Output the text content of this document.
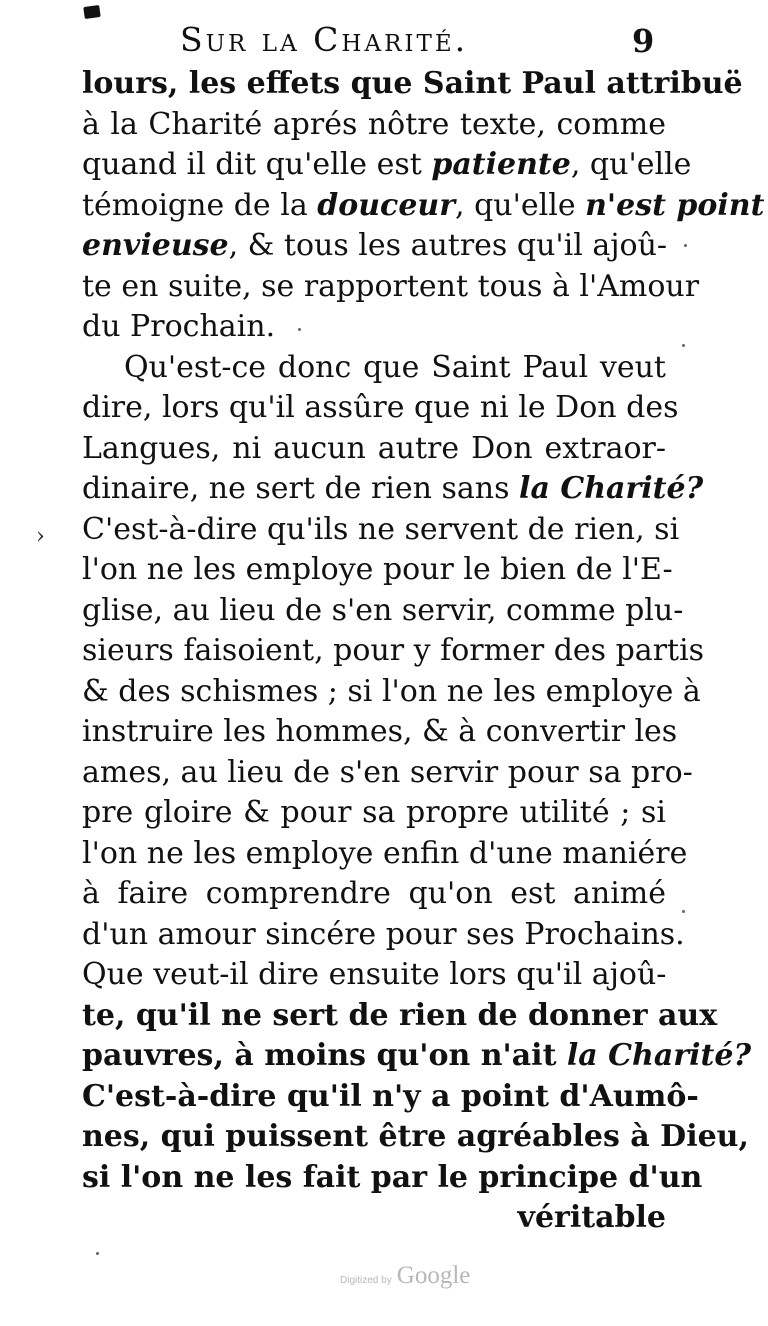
Sur la Charité.	9
›
lours, les effets que Saint Paul attribuë
à la Charité aprés nôtre texte, comme
quand il dit qu'elle est patiente, qu'elle
témoigne de la douceur, qu'elle n'est point
envieuse, & tous les autres qu'il ajoû-
te en suite, se rapportent tous à l'Amour
du Prochain.
Qu'est-ce donc que Saint Paul veut
dire, lors qu'il assûre que ni le Don des
Langues, ni aucun autre Don extraor-
dinaire, ne sert de rien sans la Charité?
C'est-à-dire qu'ils ne servent de rien, si
l'on ne les employe pour le bien de l'E-
glise, au lieu de s'en servir, comme plu-
sieurs faisoient, pour y former des partis
& des schismes ; si l'on ne les employe à
instruire les hommes, & à convertir les
ames, au lieu de s'en servir pour sa pro-
pre gloire & pour sa propre utilité ; si
l'on ne les employe enfin d'une maniére
à faire comprendre qu'on est animé
d'un amour sincére pour ses Prochains.
Que veut-il dire ensuite lors qu'il ajoû-
te, qu'il ne sert de rien de donner aux
pauvres, à moins qu'on n'ait la Charité?
C'est-à-dire qu'il n'y a point d'Aumô-
nes, qui puissent être agréables à Dieu,
si l'on ne les fait par le principe d'un
véritable
Digitized by Google
